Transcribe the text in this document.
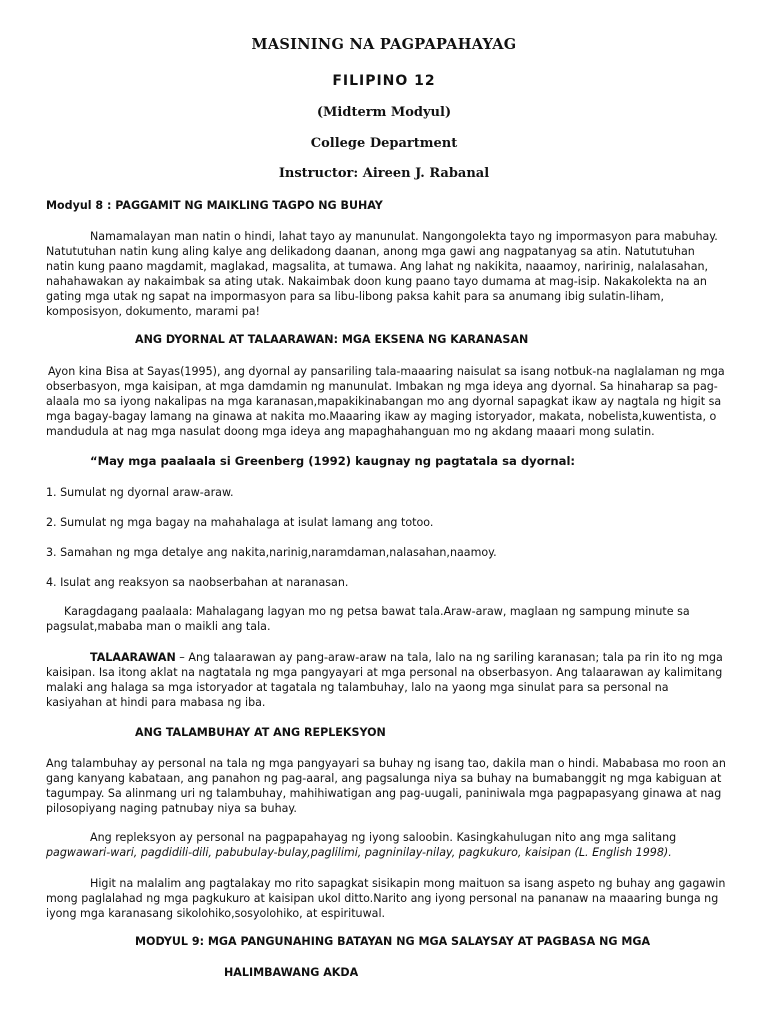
MASINING NA PAGPAPAHAYAG
FILIPINO 12
(Midterm Modyul)
College Department
Instructor: Aireen J. Rabanal
Modyul 8 : PAGGAMIT NG MAIKLING TAGPO NG BUHAY

Namamalayan man natin o hindi, lahat tayo ay manunulat. Nangongolekta tayo ng impormasyon para mabuhay. Natututuhan natin kung aling kalye ang delikadong daanan, anong mga gawi ang nagpatanyag sa atin. Natututuhan natin kung paano magdamit, maglakad, magsalita, at tumawa. Ang lahat ng nakikita, naaamoy, naririnig, nalalasahan, nahahawakan ay nakaimbak sa ating utak. Nakaimbak doon kung paano tayo dumama at mag-isip. Nakakolekta na an gating mga utak ng sapat na impormasyon para sa libu-libong paksa kahit para sa anumang ibig sulatin-liham, komposisyon, dokumento, marami pa!

ANG DYORNAL AT TALAARAWAN: MGA EKSENA NG KARANASAN

Ayon kina Bisa at Sayas(1995), ang dyornal ay pansariling tala-maaaring naisulat sa isang notbuk-na naglalaman ng mga obserbasyon, mga kaisipan, at mga damdamin ng manunulat. Imbakan ng mga ideya ang dyornal. Sa hinaharap sa pag-alaala mo sa iyong nakalipas na mga karanasan,mapakikinabangan mo ang dyornal sapagkat ikaw ay nagtala ng higit sa mga bagay-bagay lamang na ginawa at nakita mo.Maaaring ikaw ay maging istoryador, makata, nobelista,kuwentista, o mandudula at nag mga nasulat doong mga ideya ang mapaghahanguan mo ng akdang maaari mong sulatin.

“May mga paalaala si Greenberg (1992) kaugnay ng pagtatala sa dyornal:

1. Sumulat ng dyornal araw-araw.

2. Sumulat ng mga bagay na mahahalaga at isulat lamang ang totoo.

3. Samahan ng mga detalye ang nakita,narinig,naramdaman,nalasahan,naamoy.

4. Isulat ang reaksyon sa naobserbahan at naranasan.

Karagdagang paalaala: Mahalagang lagyan mo ng petsa bawat tala.Araw-araw, maglaan ng sampung minute sa pagsulat,mababa man o maikli ang tala.

TALAARAWAN – Ang talaarawan ay pang-araw-araw na tala, lalo na ng sariling karanasan; tala pa rin ito ng mga kaisipan. Isa itong aklat na nagtatala ng mga pangyayari at mga personal na obserbasyon. Ang talaarawan ay kalimitang malaki ang halaga sa mga istoryador at tagatala ng talambuhay, lalo na yaong mga sinulat para sa personal na kasiyahan at hindi para mabasa ng iba.

ANG TALAMBUHAY AT ANG REPLEKSYON

Ang talambuhay ay personal na tala ng mga pangyayari sa buhay ng isang tao, dakila man o hindi. Mababasa mo roon an gang kanyang kabataan, ang panahon ng pag-aaral, ang pagsalunga niya sa buhay na bumabanggit ng mga kabiguan at tagumpay. Sa alinmang uri ng talambuhay, mahihiwatigan ang pag-uugali, paniniwala mga pagpapasyang ginawa at nag pilosopiyang naging patnubay niya sa buhay.

Ang repleksyon ay personal na pagpapahayag ng iyong saloobin. Kasingkahulugan nito ang mga salitang pagwawari-wari, pagdidili-dili, pabubulay-bulay,paglilimi, pagninilay-nilay, pagkukuro, kaisipan (L. English 1998).

Higit na malalim ang pagtalakay mo rito sapagkat sisikapin mong maituon sa isang aspeto ng buhay ang gagawin mong paglalahad ng mga pagkukuro at kaisipan ukol ditto.Narito ang iyong personal na pananaw na maaaring bunga ng iyong mga karanasang sikolohiko,sosyolohiko, at espirituwal.

MODYUL 9: MGA PANGUNAHING BATAYAN NG MGA SALAYSAY AT PAGBASA NG MGA
HALIMBAWANG AKDA
